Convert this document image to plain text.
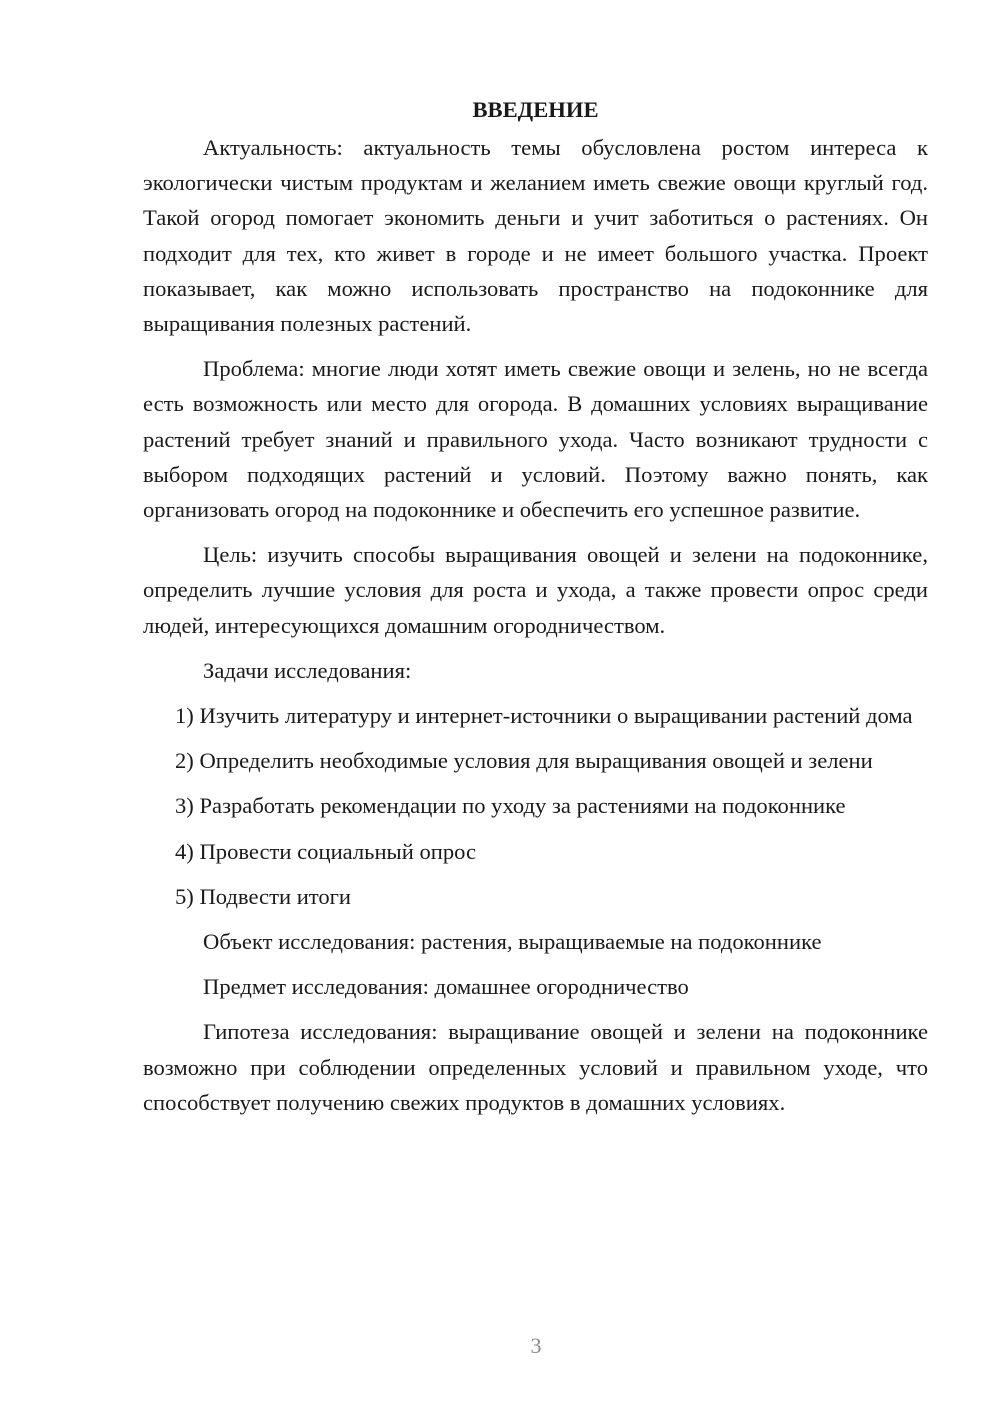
ВВЕДЕНИЕ

Актуальность: актуальность темы обусловлена ростом интереса к экологически чистым продуктам и желанием иметь свежие овощи круглый год. Такой огород помогает экономить деньги и учит заботиться о растениях. Он подходит для тех, кто живет в городе и не имеет большого участка. Проект показывает, как можно использовать пространство на подоконнике для выращивания полезных растений.

Проблема: многие люди хотят иметь свежие овощи и зелень, но не всегда есть возможность или место для огорода. В домашних условиях выращивание растений требует знаний и правильного ухода. Часто возникают трудности с выбором подходящих растений и условий. Поэтому важно понять, как организовать огород на подоконнике и обеспечить его успешное развитие.

Цель: изучить способы выращивания овощей и зелени на подоконнике, определить лучшие условия для роста и ухода, а также провести опрос среди людей, интересующихся домашним огородничеством.

Задачи исследования:

1) Изучить литературу и интернет-источники о выращивании растений дома

2) Определить необходимые условия для выращивания овощей и зелени

3) Разработать рекомендации по уходу за растениями на подоконнике

4) Провести социальный опрос

5) Подвести итоги

Объект исследования: растения, выращиваемые на подоконнике

Предмет исследования: домашнее огородничество

Гипотеза исследования: выращивание овощей и зелени на подоконнике возможно при соблюдении определенных условий и правильном уходе, что способствует получению свежих продуктов в домашних условиях.

3
